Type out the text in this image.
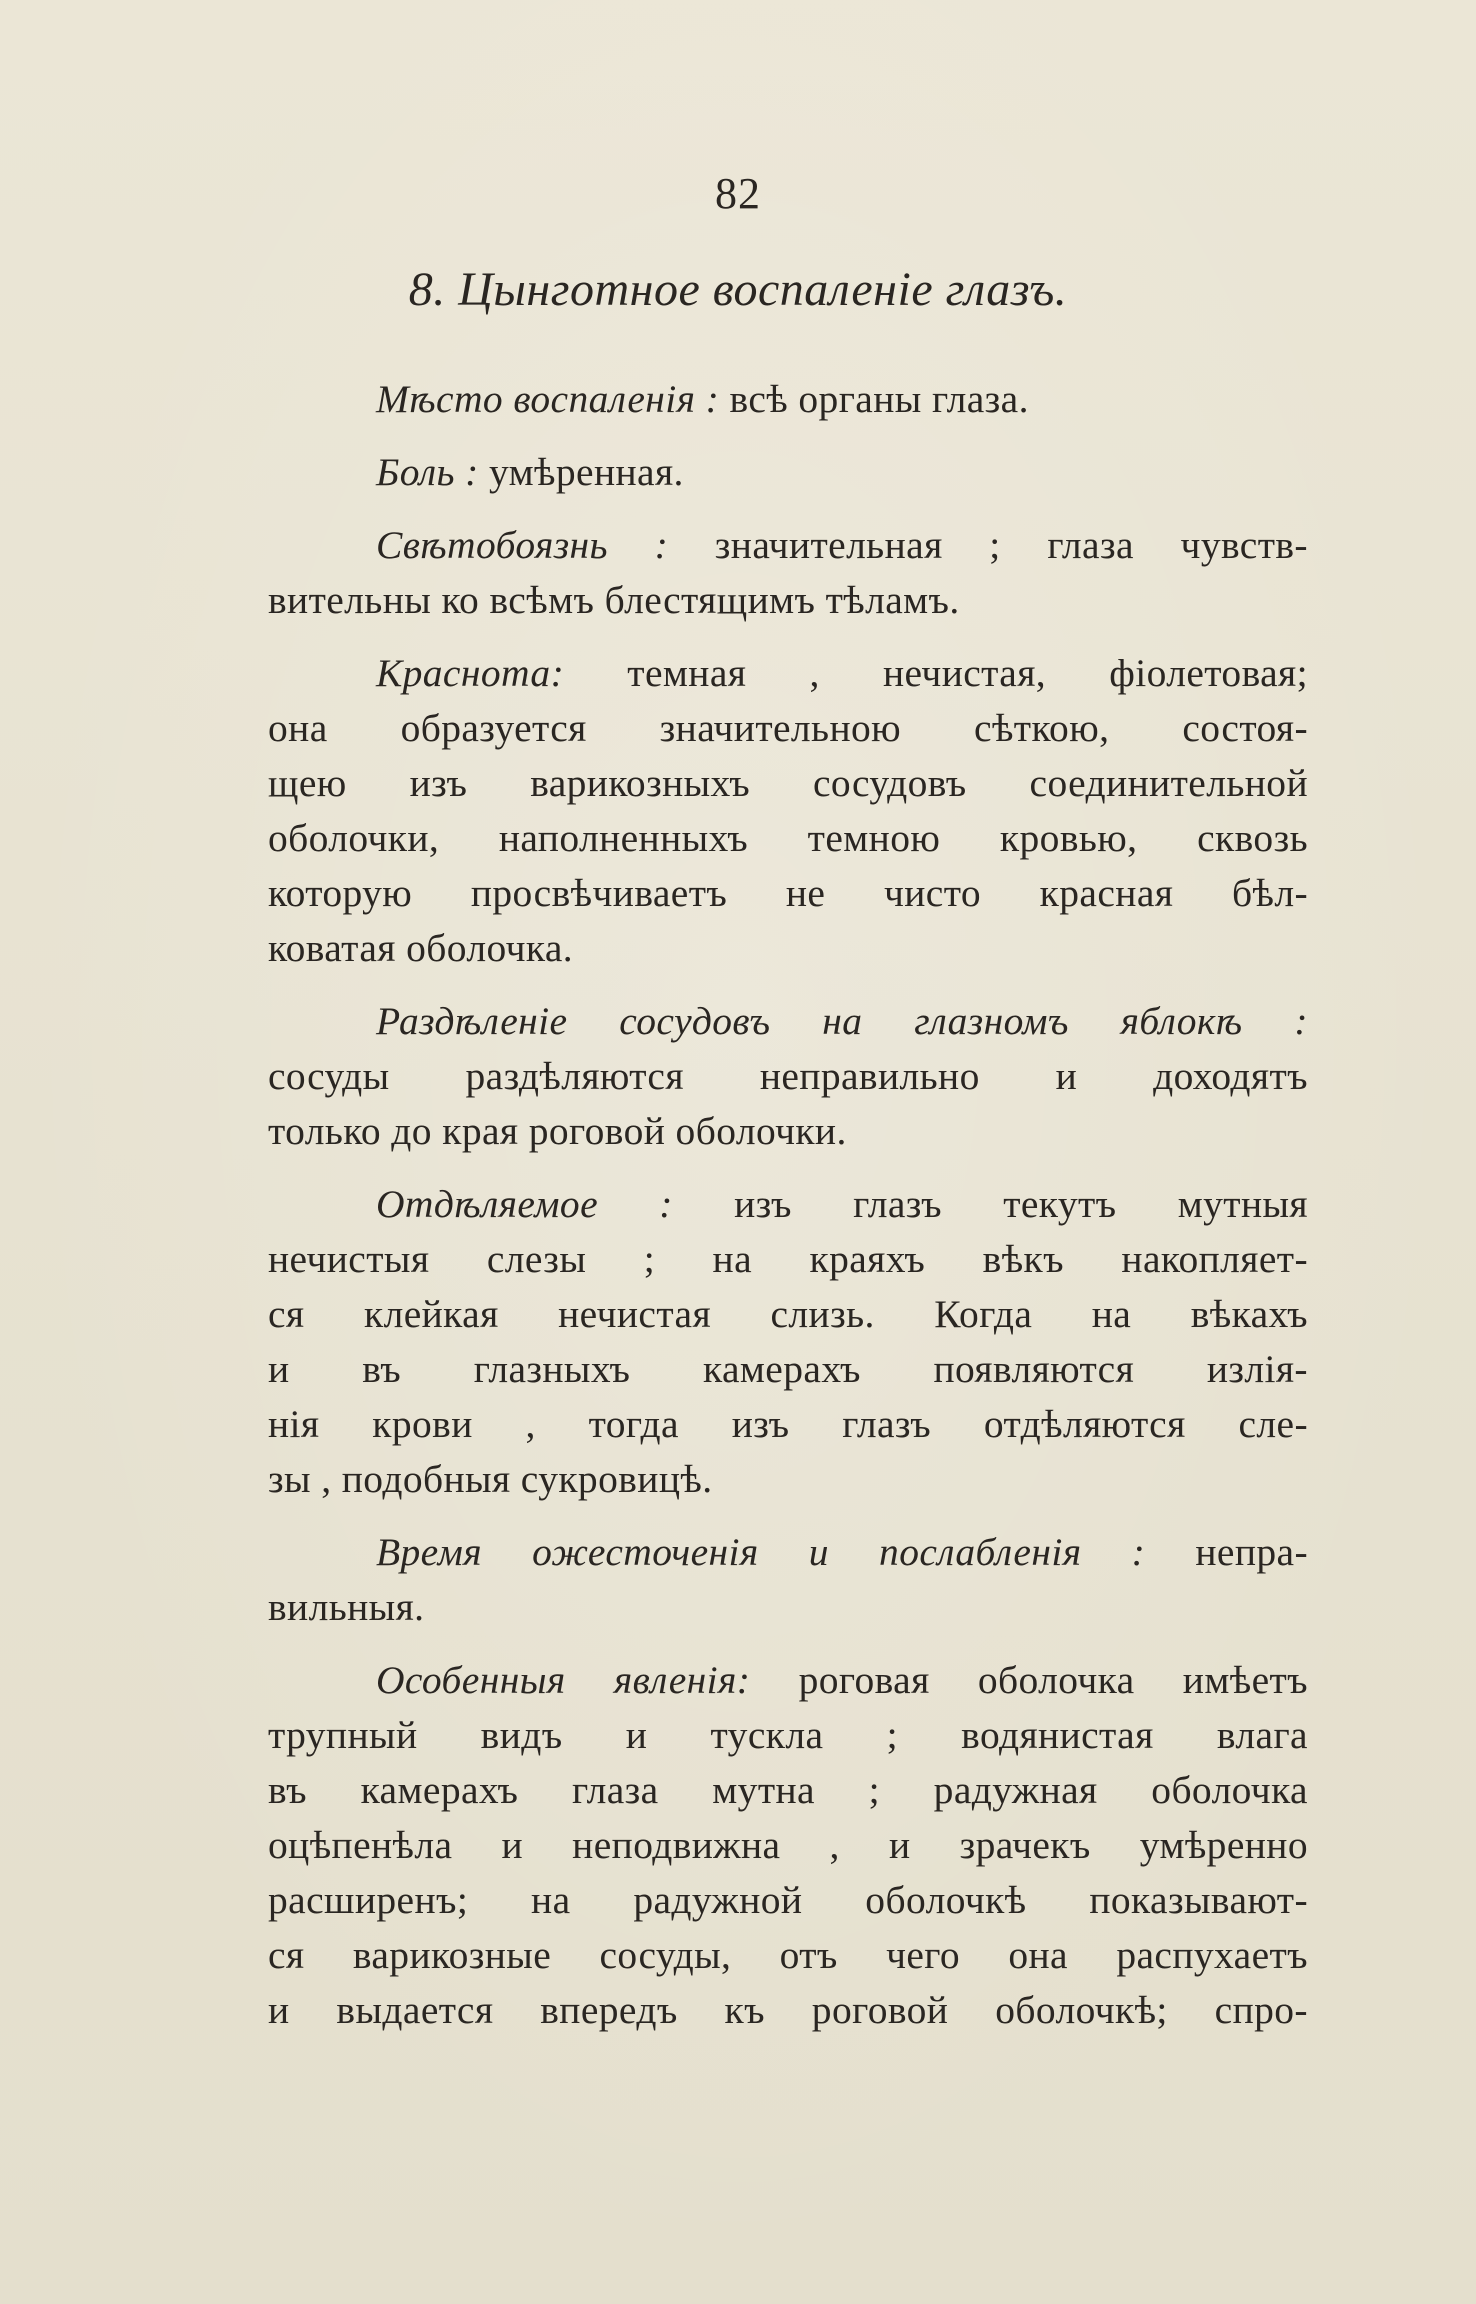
82
8. Цынготное воспаленіе глазъ.
Мѣсто воспаленія : всѣ органы глаза.
Боль : умѣренная.
Свѣтобоязнь : значительная ; глаза чувств-
вительны ко всѣмъ блестящимъ тѣламъ.
Краснота: темная , нечистая, фіолетовая;
она образуется значительною сѣткою, состоя-
щею изъ варикозныхъ сосудовъ соединительной
оболочки, наполненныхъ темною кровью, сквозь
которую просвѣчиваетъ не чисто красная бѣл-
коватая оболочка.
Раздѣленіе сосудовъ на глазномъ яблокѣ :
сосуды раздѣляются неправильно и доходятъ
только до края роговой оболочки.
Отдѣляемое : изъ глазъ текутъ мутныя
нечистыя слезы ; на краяхъ вѣкъ накопляет-
ся клейкая нечистая слизь. Когда на вѣкахъ
и въ глазныхъ камерахъ появляются излія-
нія крови , тогда изъ глазъ отдѣляются сле-
зы , подобныя сукровицѣ.
Время ожесточенія и послабленія : непра-
вильныя.
Особенныя явленія: роговая оболочка имѣетъ
трупный видъ и тускла ; водянистая влага
въ камерахъ глаза мутна ; радужная оболочка
оцѣпенѣла и неподвижна , и зрачекъ умѣренно
расширенъ; на радужной оболочкѣ показывают-
ся варикозные сосуды, отъ чего она распухаетъ
и выдается впередъ къ роговой оболочкѣ; спро-
